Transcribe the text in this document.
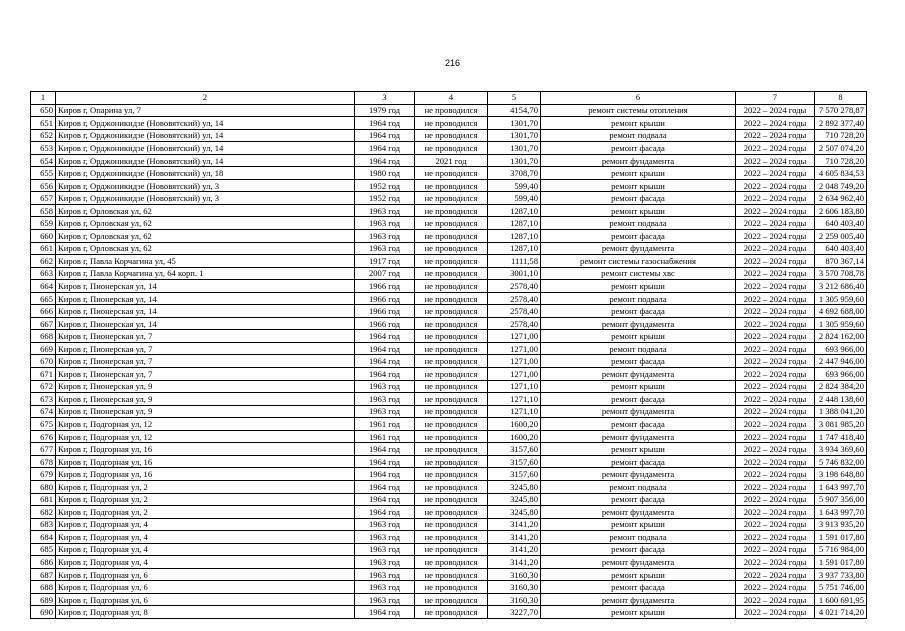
216
1	2	3	4	5	6	7	8
650	Киров г, Опарина ул, 7	1979 год	не проводился	4154,70	ремонт системы отопления	2022 – 2024 годы	7 570 278,87
651	Киров г, Орджоникидзе (Нововятский) ул, 14	1964 год	не проводился	1301,70	ремонт крыши	2022 – 2024 годы	2 892 377,40
652	Киров г, Орджоникидзе (Нововятский) ул, 14	1964 год	не проводился	1301,70	ремонт подвала	2022 – 2024 годы	710 728,20
653	Киров г, Орджоникидзе (Нововятский) ул, 14	1964 год	не проводился	1301,70	ремонт фасада	2022 – 2024 годы	2 507 074,20
654	Киров г, Орджоникидзе (Нововятский) ул, 14	1964 год	2021 год	1301,70	ремонт фундамента	2022 – 2024 годы	710 728,20
655	Киров г, Орджоникидзе (Нововятский) ул, 18	1980 год	не проводился	3708,70	ремонт крыши	2022 – 2024 годы	4 605 834,53
656	Киров г, Орджоникидзе (Нововятский) ул, 3	1952 год	не проводился	599,40	ремонт крыши	2022 – 2024 годы	2 048 749,20
657	Киров г, Орджоникидзе (Нововятский) ул, 3	1952 год	не проводился	599,40	ремонт фасада	2022 – 2024 годы	2 634 962,40
658	Киров г, Орловская ул, 62	1963 год	не проводился	1287,10	ремонт крыши	2022 – 2024 годы	2 606 183,80
659	Киров г, Орловская ул, 62	1963 год	не проводился	1287,10	ремонт подвала	2022 – 2024 годы	640 403,40
660	Киров г, Орловская ул, 62	1963 год	не проводился	1287,10	ремонт фасада	2022 – 2024 годы	2 259 005,40
661	Киров г, Орловская ул, 62	1963 год	не проводился	1287,10	ремонт фундамента	2022 – 2024 годы	640 403,40
662	Киров г, Павла Корчагина ул, 45	1917 год	не проводился	1111,58	ремонт системы газоснабжения	2022 – 2024 годы	870 367,14
663	Киров г, Павла Корчагина ул, 64 корп. 1	2007 год	не проводился	3001,10	ремонт системы хвс	2022 – 2024 годы	3 570 708,78
664	Киров г, Пионерская ул, 14	1966 год	не проводился	2578,40	ремонт крыши	2022 – 2024 годы	3 212 686,40
665	Киров г, Пионерская ул, 14	1966 год	не проводился	2578,40	ремонт подвала	2022 – 2024 годы	1 305 959,60
666	Киров г, Пионерская ул, 14	1966 год	не проводился	2578,40	ремонт фасада	2022 – 2024 годы	4 692 688,00
667	Киров г, Пионерская ул, 14	1966 год	не проводился	2578,40	ремонт фундамента	2022 – 2024 годы	1 305 959,60
668	Киров г, Пионерская ул, 7	1964 год	не проводился	1271,00	ремонт крыши	2022 – 2024 годы	2 824 162,00
669	Киров г, Пионерская ул, 7	1964 год	не проводился	1271,00	ремонт подвала	2022 – 2024 годы	693 966,00
670	Киров г, Пионерская ул, 7	1964 год	не проводился	1271,00	ремонт фасада	2022 – 2024 годы	2 447 946,00
671	Киров г, Пионерская ул, 7	1964 год	не проводился	1271,00	ремонт фундамента	2022 – 2024 годы	693 966,00
672	Киров г, Пионерская ул, 9	1963 год	не проводился	1271,10	ремонт крыши	2022 – 2024 годы	2 824 384,20
673	Киров г, Пионерская ул, 9	1963 год	не проводился	1271,10	ремонт фасада	2022 – 2024 годы	2 448 138,60
674	Киров г, Пионерская ул, 9	1963 год	не проводился	1271,10	ремонт фундамента	2022 – 2024 годы	1 388 041,20
675	Киров г, Подгорная ул, 12	1961 год	не проводился	1600,20	ремонт фасада	2022 – 2024 годы	3 081 985,20
676	Киров г, Подгорная ул, 12	1961 год	не проводился	1600,20	ремонт фундамента	2022 – 2024 годы	1 747 418,40
677	Киров г, Подгорная ул, 16	1964 год	не проводился	3157,60	ремонт крыши	2022 – 2024 годы	3 934 369,60
678	Киров г, Подгорная ул, 16	1964 год	не проводился	3157,60	ремонт фасада	2022 – 2024 годы	5 746 832,00
679	Киров г, Подгорная ул, 16	1964 год	не проводился	3157,60	ремонт фундамента	2022 – 2024 годы	3 198 648,80
680	Киров г, Подгорная ул, 2	1964 год	не проводился	3245,80	ремонт подвала	2022 – 2024 годы	1 643 997,70
681	Киров г, Подгорная ул, 2	1964 год	не проводился	3245,80	ремонт фасада	2022 – 2024 годы	5 907 356,00
682	Киров г, Подгорная ул, 2	1964 год	не проводился	3245,80	ремонт фундамента	2022 – 2024 годы	1 643 997,70
683	Киров г, Подгорная ул, 4	1963 год	не проводился	3141,20	ремонт крыши	2022 – 2024 годы	3 913 935,20
684	Киров г, Подгорная ул, 4	1963 год	не проводился	3141,20	ремонт подвала	2022 – 2024 годы	1 591 017,80
685	Киров г, Подгорная ул, 4	1963 год	не проводился	3141,20	ремонт фасада	2022 – 2024 годы	5 716 984,00
686	Киров г, Подгорная ул, 4	1963 год	не проводился	3141,20	ремонт фундамента	2022 – 2024 годы	1 591 017,80
687	Киров г, Подгорная ул, 6	1963 год	не проводился	3160,30	ремонт крыши	2022 – 2024 годы	3 937 733,80
688	Киров г, Подгорная ул, 6	1963 год	не проводился	3160,30	ремонт фасада	2022 – 2024 годы	5 751 746,00
689	Киров г, Подгорная ул, 6	1963 год	не проводился	3160,30	ремонт фундамента	2022 – 2024 годы	1 600 691,95
690	Киров г, Подгорная ул, 8	1964 год	не проводился	3227,70	ремонт крыши	2022 – 2024 годы	4 021 714,20
